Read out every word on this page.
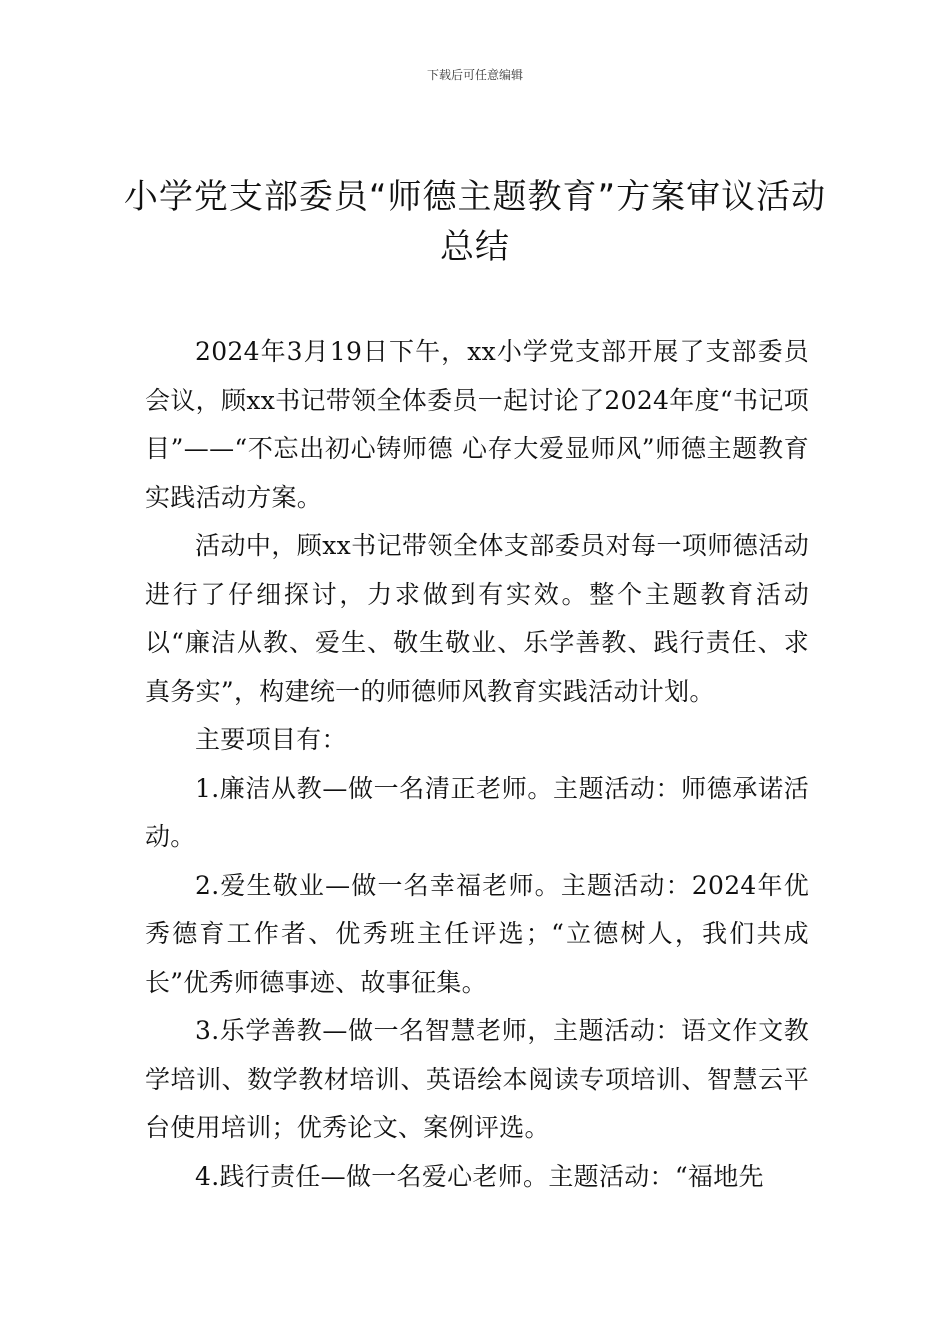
下载后可任意编辑
小学党支部委员“师德主题教育”方案审议活动总结

2024年3月19日下午，xx小学党支部开展了支部委员会议，顾xx书记带领全体委员一起讨论了2024年度“书记项目”——“不忘出初心铸师德 心存大爱显师风”师德主题教育实践活动方案。

活动中，顾xx书记带领全体支部委员对每一项师德活动进行了仔细探讨，力求做到有实效。整个主题教育活动以“廉洁从教、爱生、敬生敬业、乐学善教、践行责任、求真务实”，构建统一的师德师风教育实践活动计划。

主要项目有：

1.廉洁从教—做一名清正老师。主题活动：师德承诺活动。

2.爱生敬业—做一名幸福老师。主题活动：2024年优秀德育工作者、优秀班主任评选；“立德树人，我们共成长”优秀师德事迹、故事征集。

3.乐学善教—做一名智慧老师，主题活动：语文作文教学培训、数学教材培训、英语绘本阅读专项培训、智慧云平台使用培训；优秀论文、案例评选。

4.践行责任—做一名爱心老师。主题活动：“福地先
